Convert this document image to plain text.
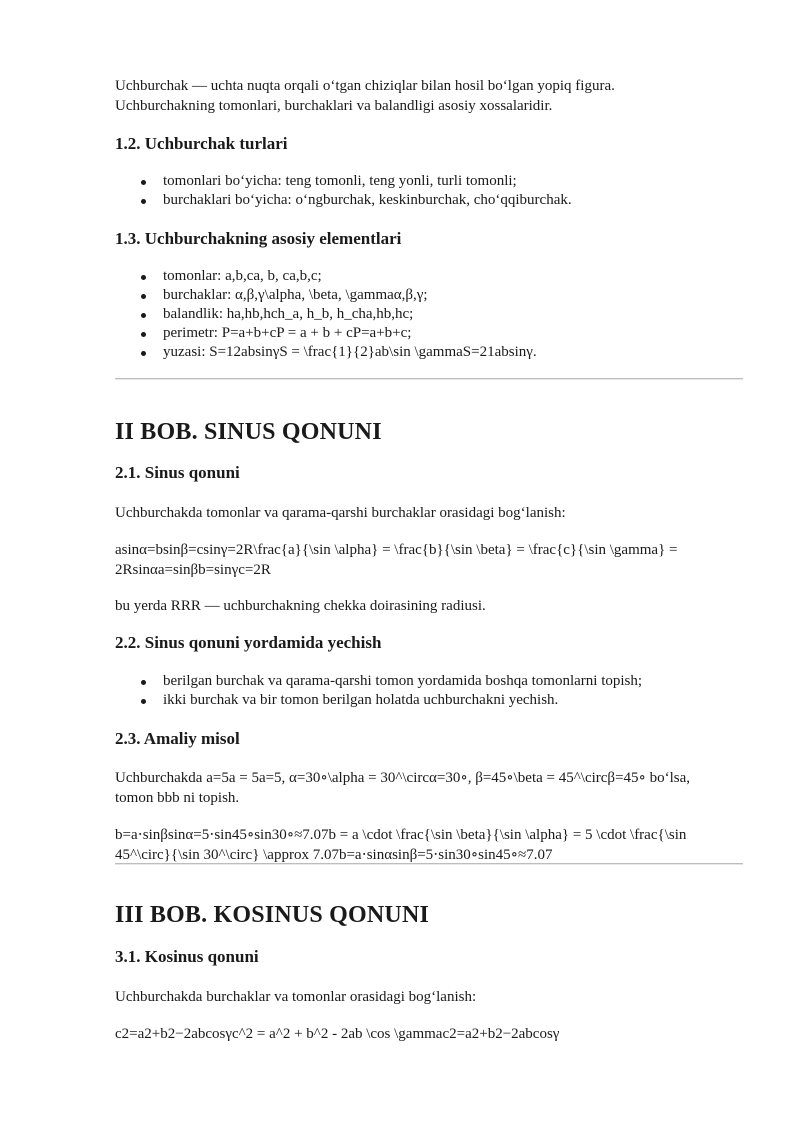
Uchburchak — uchta nuqta orqali oʻtgan chiziqlar bilan hosil boʻlgan yopiq figura.

Uchburchakning tomonlari, burchaklari va balandligi asosiy xossalaridir.

1.2. Uchburchak turlari
tomonlari boʻyicha: teng tomonli, teng yonli, turli tomonli;
burchaklari boʻyicha: oʻngburchak, keskinburchak, choʻqqiburchak.
1.3. Uchburchakning asosiy elementlari
tomonlar: a,b,ca, b, ca,b,c;
burchaklar: α,β,γ\alpha, \beta, \gammaα,β,γ;
balandlik: ha,hb,hch_a, h_b, h_cha,hb,hc;
perimetr: P=a+b+cP = a + b + cP=a+b+c;
yuzasi: S=12absinγS = \frac{1}{2}ab\sin \gammaS=21absinγ.
II BOB. SINUS QONUNI
2.1. Sinus qonuni

Uchburchakda tomonlar va qarama-qarshi burchaklar orasidagi bogʻlanish:

asinα=bsinβ=csinγ=2R\frac{a}{\sin \alpha} = \frac{b}{\sin \beta} = \frac{c}{\sin \gamma} =

2Rsinαa=sinβb=sinγc=2R

bu yerda RRR — uchburchakning chekka doirasining radiusi.

2.2. Sinus qonuni yordamida yechish
berilgan burchak va qarama-qarshi tomon yordamida boshqa tomonlarni topish;
ikki burchak va bir tomon berilgan holatda uchburchakni yechish.
2.3. Amaliy misol

Uchburchakda a=5a = 5a=5, α=30∘\alpha = 30^\circα=30∘, β=45∘\beta = 45^\circβ=45∘ boʻlsa,

tomon bbb ni topish.

b=a⋅sinβsinα=5⋅sin45∘sin30∘≈7.07b = a \cdot \frac{\sin \beta}{\sin \alpha} = 5 \cdot \frac{\sin

45^\circ}{\sin 30^\circ} \approx 7.07b=a⋅sinαsinβ=5⋅sin30∘sin45∘≈7.07

III BOB. KOSINUS QONUNI
3.1. Kosinus qonuni

Uchburchakda burchaklar va tomonlar orasidagi bogʻlanish:

c2=a2+b2−2abcosγc^2 = a^2 + b^2 - 2ab \cos \gammac2=a2+b2−2abcosγ
